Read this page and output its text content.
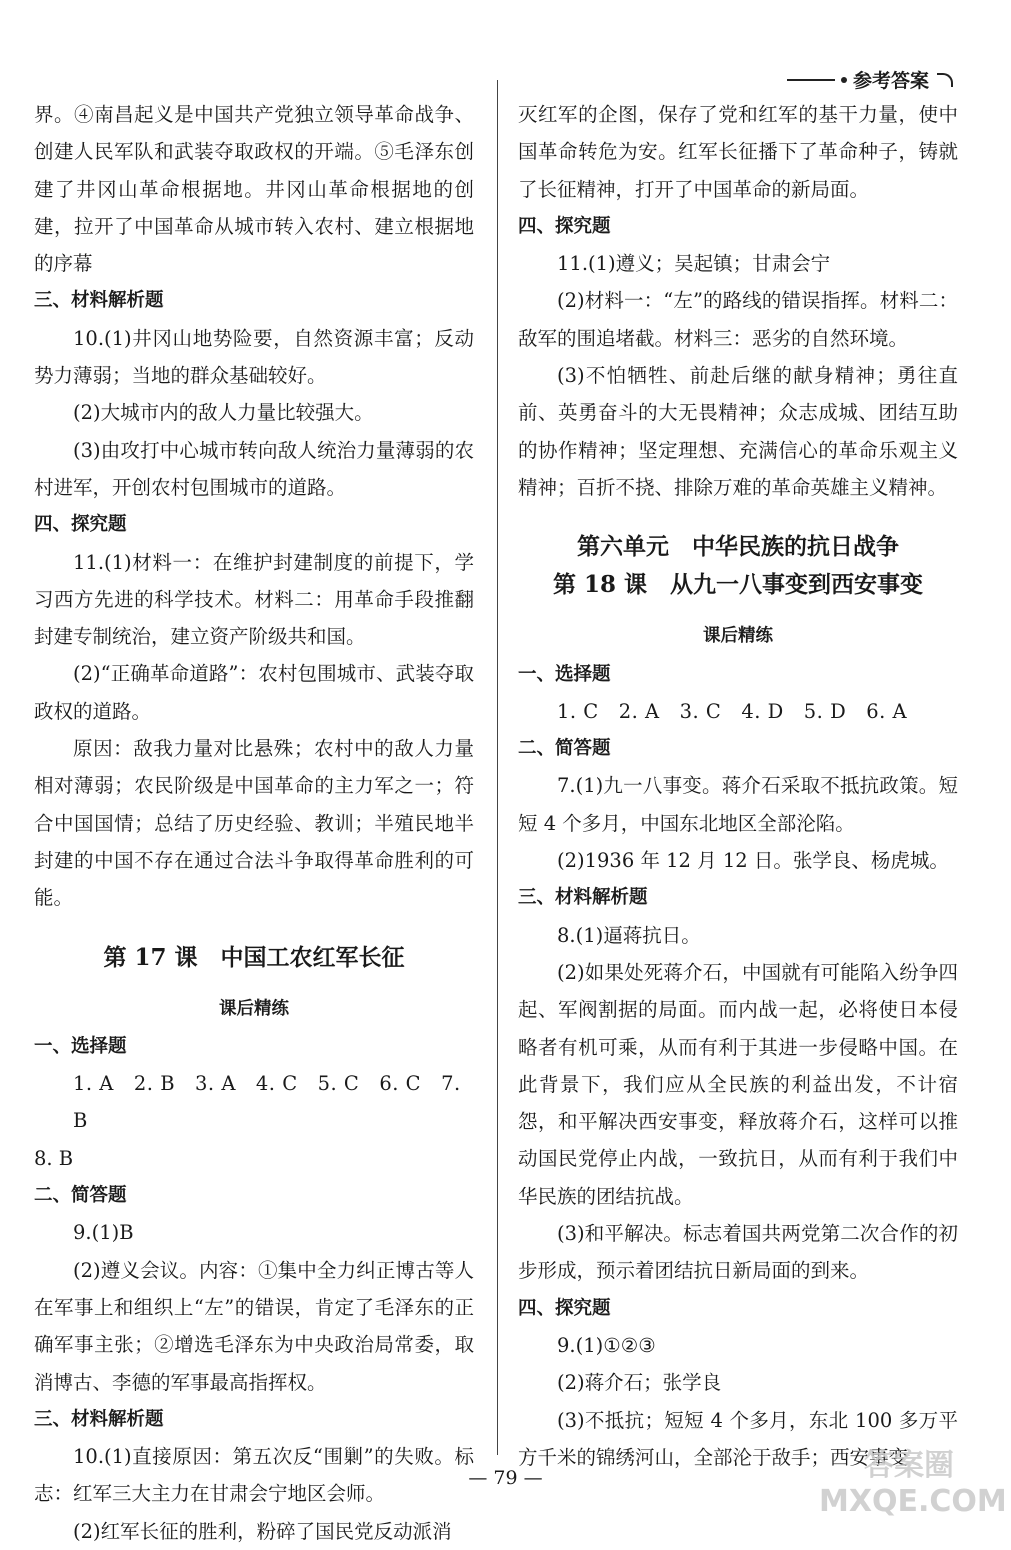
参考答案

界。④南昌起义是中国共产党独立领导革命战争、创建人民军队和武装夺取政权的开端。⑤毛泽东创建了井冈山革命根据地。井冈山革命根据地的创建，拉开了中国革命从城市转入农村、建立根据地的序幕

三、材料解析题

10.(1)井冈山地势险要，自然资源丰富；反动势力薄弱；当地的群众基础较好。

(2)大城市内的敌人力量比较强大。

(3)由攻打中心城市转向敌人统治力量薄弱的农村进军，开创农村包围城市的道路。

四、探究题

11.(1)材料一：在维护封建制度的前提下，学习西方先进的科学技术。材料二：用革命手段推翻封建专制统治，建立资产阶级共和国。

(2)“正确革命道路”：农村包围城市、武装夺取政权的道路。

原因：敌我力量对比悬殊；农村中的敌人力量相对薄弱；农民阶级是中国革命的主力军之一；符合中国国情；总结了历史经验、教训；半殖民地半封建的中国不存在通过合法斗争取得革命胜利的可能。

第 17 课　中国工农红军长征

课后精练

一、选择题

1. A　2. B　3. A　4. C　5. C　6. C　7. B

8. B

二、简答题

9.(1)B

(2)遵义会议。内容：①集中全力纠正博古等人在军事上和组织上“左”的错误，肯定了毛泽东的正确军事主张；②增选毛泽东为中央政治局常委，取消博古、李德的军事最高指挥权。

三、材料解析题

10.(1)直接原因：第五次反“围剿”的失败。标志：红军三大主力在甘肃会宁地区会师。

(2)红军长征的胜利，粉碎了国民党反动派消

灭红军的企图，保存了党和红军的基干力量，使中国革命转危为安。红军长征播下了革命种子，铸就了长征精神，打开了中国革命的新局面。

四、探究题

11.(1)遵义；吴起镇；甘肃会宁

(2)材料一：“左”的路线的错误指挥。材料二：敌军的围追堵截。材料三：恶劣的自然环境。

(3)不怕牺牲、前赴后继的献身精神；勇往直前、英勇奋斗的大无畏精神；众志成城、团结互助的协作精神；坚定理想、充满信心的革命乐观主义精神；百折不挠、排除万难的革命英雄主义精神。

第六单元　中华民族的抗日战争

第 18 课　从九一八事变到西安事变

课后精练

一、选择题

1. C　2. A　3. C　4. D　5. D　6. A

二、简答题

7.(1)九一八事变。蒋介石采取不抵抗政策。短短 4 个多月，中国东北地区全部沦陷。

(2)1936 年 12 月 12 日。张学良、杨虎城。

三、材料解析题

8.(1)逼蒋抗日。

(2)如果处死蒋介石，中国就有可能陷入纷争四起、军阀割据的局面。而内战一起，必将使日本侵略者有机可乘，从而有利于其进一步侵略中国。在此背景下，我们应从全民族的利益出发，不计宿怨，和平解决西安事变，释放蒋介石，这样可以推动国民党停止内战，一致抗日，从而有利于我们中华民族的团结抗战。

(3)和平解决。标志着国共两党第二次合作的初步形成，预示着团结抗日新局面的到来。

四、探究题

9.(1)①②③

(2)蒋介石；张学良

(3)不抵抗；短短 4 个多月，东北 100 多万平方千米的锦绣河山，全部沦于敌手；西安事变

— 79 —	答案圈
MXQE.COM
